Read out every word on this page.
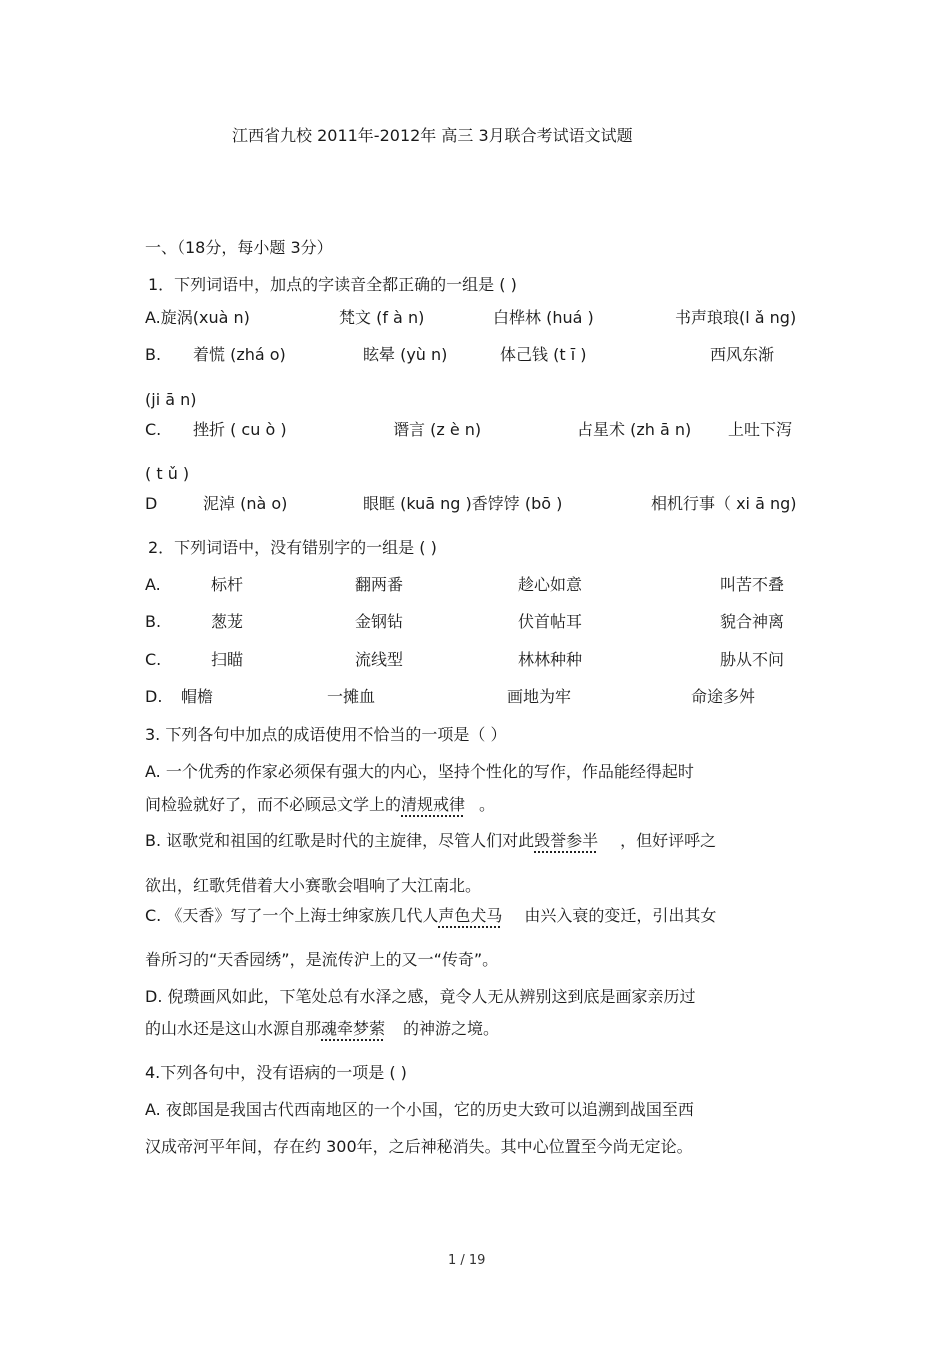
江西省九校 2011年-2012年 高三 3月联合考试语文试题
一、（18分，每小题 3分）
1．下列词语中，加点的字读音全都正确的一组是 ( )
A.旋涡(xuà n)	梵文 (f à n)	白桦林 (huá )	书声琅琅(l ǎ ng)
B. 着慌 (zhá o)	眩晕 (yù n)	体己钱 (t ī )	西风东渐
(ji ā n)
C. 挫折 ( cu ò )	谮言 (z è n)	占星术 (zh ā n) 上吐下泻
( t ǔ )
D	泥淖 (nà o)	眼眶 (kuā ng )香饽饽 (bō )	相机行事（ xi ā ng)
2．下列词语中，没有错别字的一组是 ( )
A.	标杆	翻两番	趁心如意	叫苦不叠
B.	葱茏	金钢钻	伏首帖耳	貌合神离
C.	扫瞄	流线型	林林种种	胁从不问
D. 帽檐	一摊血	画地为牢	命途多舛
3. 下列各句中加点的成语使用不恰当的一项是（ ）
A. 一个优秀的作家必须保有强大的内心，坚持个性化的写作，作品能经得起时
间检验就好了，而不必顾忌文学上的清规戒律 。
B. 讴歌党和祖国的红歌是时代的主旋律，尽管人们对此毁誉参半 ，但好评呼之
欲出，红歌凭借着大小赛歌会唱响了大江南北。
C. 《天香》写了一个上海士绅家族几代人声色犬马 由兴入衰的变迁，引出其女
眷所习的“天香园绣”，是流传沪上的又一“传奇”。
D. 倪瓒画风如此，下笔处总有水泽之感，竟令人无从辨别这到底是画家亲历过
的山水还是这山水源自那魂牵梦萦 的神游之境。
4.下列各句中，没有语病的一项是 ( )
A. 夜郎国是我国古代西南地区的一个小国，它的历史大致可以追溯到战国至西
汉成帝河平年间，存在约 300年，之后神秘消失。其中心位置至今尚无定论。
1 / 19
